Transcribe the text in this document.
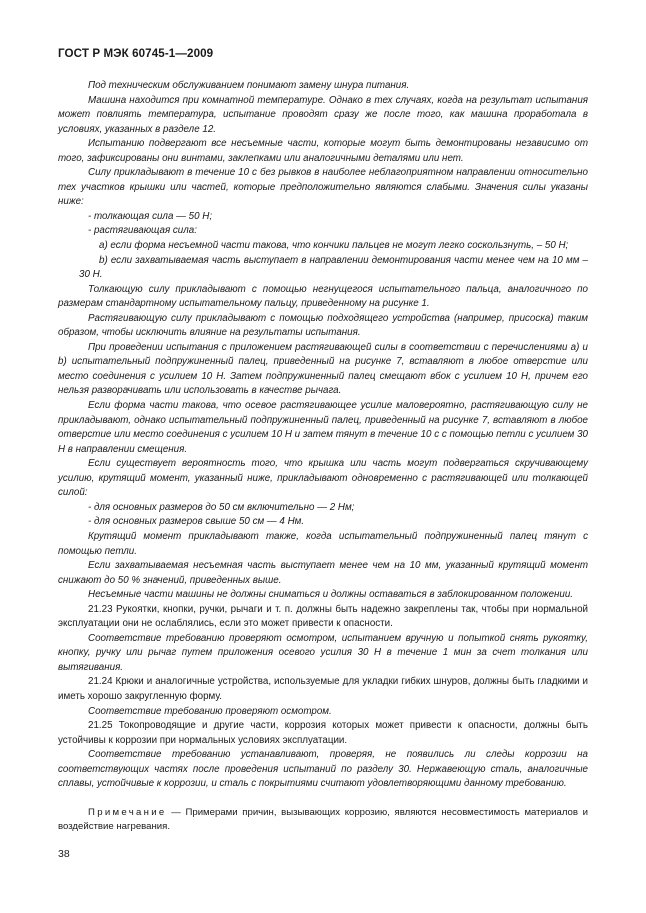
ГОСТ Р МЭК 60745-1—2009

Под техническим обслуживанием понимают замену шнура питания.

Машина находится при комнатной температуре. Однако в тех случаях, когда на результат испытания может повлиять температура, испытание проводят сразу же после того, как машина проработала в условиях, указанных в разделе 12.

Испытанию подвергают все несъемные части, которые могут быть демонтированы независимо от того, зафиксированы они винтами, заклепками или аналогичными деталями или нет.

Силу прикладывают в течение 10 с без рывков в наиболее неблагоприятном направлении относительно тех участков крышки или частей, которые предположительно являются слабыми. Значения силы указаны ниже:

- толкающая сила — 50 Н;

- растягивающая сила:

a) если форма несъемной части такова, что кончики пальцев не могут легко соскользнуть, – 50 Н;

b) если захватываемая часть выступает в направлении демонтирования части менее чем на 10 мм – 30 Н.

Толкающую силу прикладывают с помощью негнущегося испытательного пальца, аналогичного по размерам стандартному испытательному пальцу, приведенному на рисунке 1.

Растягивающую силу прикладывают с помощью подходящего устройства (например, присоска) таким образом, чтобы исключить влияние на результаты испытания.

При проведении испытания с приложением растягивающей силы в соответствии с перечислениями a) и b) испытательный подпружиненный палец, приведенный на рисунке 7, вставляют в любое отверстие или место соединения с усилием 10 Н. Затем подпружиненный палец смещают вбок с усилием 10 Н, причем его нельзя разворачивать или использовать в качестве рычага.

Если форма части такова, что осевое растягивающее усилие маловероятно, растягивающую силу не прикладывают, однако испытательный подпружиненный палец, приведенный на рисунке 7, вставляют в любое отверстие или место соединения с усилием 10 Н и затем тянут в течение 10 с с помощью петли с усилием 30 Н в направлении смещения.

Если существует вероятность того, что крышка или часть могут подвергаться скручивающему усилию, крутящий момент, указанный ниже, прикладывают одновременно с растягивающей или толкающей силой:

- для основных размеров до 50 см включительно — 2 Нм;

- для основных размеров свыше 50 см — 4 Нм.

Крутящий момент прикладывают также, когда испытательный подпружиненный палец тянут с помощью петли.

Если захватываемая несъемная часть выступает менее чем на 10 мм, указанный крутящий момент снижают до 50 % значений, приведенных выше.

Несъемные части машины не должны сниматься и должны оставаться в заблокированном положении.

21.23 Рукоятки, кнопки, ручки, рычаги и т. п. должны быть надежно закреплены так, чтобы при нормальной эксплуатации они не ослаблялись, если это может привести к опасности.

Соответствие требованию проверяют осмотром, испытанием вручную и попыткой снять рукоятку, кнопку, ручку или рычаг путем приложения осевого усилия 30 Н в течение 1 мин за счет толкания или вытягивания.

21.24 Крюки и аналогичные устройства, используемые для укладки гибких шнуров, должны быть гладкими и иметь хорошо закругленную форму.

Соответствие требованию проверяют осмотром.

21.25 Токопроводящие и другие части, коррозия которых может привести к опасности, должны быть устойчивы к коррозии при нормальных условиях эксплуатации.

Соответствие требованию устанавливают, проверяя, не появились ли следы коррозии на соответствующих частях после проведения испытаний по разделу 30. Нержавеющую сталь, аналогичные сплавы, устойчивые к коррозии, и сталь с покрытиями считают удовлетворяющими данному требованию.

Примечание — Примерами причин, вызывающих коррозию, являются несовместимость материалов и воздействие нагревания.

38
